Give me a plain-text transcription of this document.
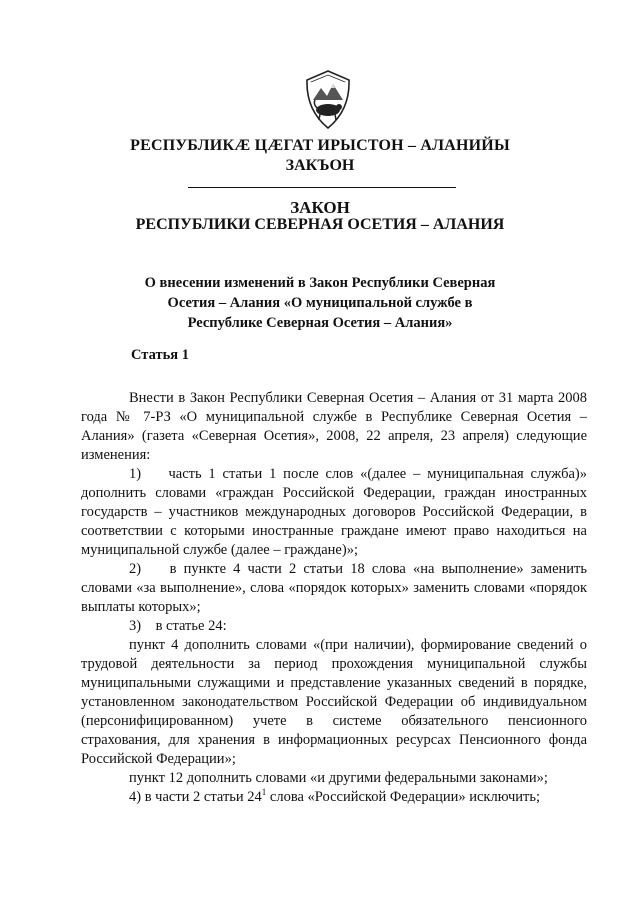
РЕСПУБЛИКӔ ЦӔГАТ ИРЫСТОН – АЛАНИЙЫ
ЗАКЪОН
ЗАКОН
РЕСПУБЛИКИ СЕВЕРНАЯ ОСЕТИЯ – АЛАНИЯ
О внесении изменений в Закон Республики Северная
Осетия – Алания «О муниципальной службе в
Республике Северная Осетия – Алания»
Статья 1

Внести в Закон Республики Северная Осетия – Алания от 31 марта 2008 года № 7-РЗ «О муниципальной службе в Республике Северная Осетия – Алания» (газета «Северная Осетия», 2008, 22 апреля, 23 апреля) следующие изменения:

1)    часть 1 статьи 1 после слов «(далее – муниципальная служба)» дополнить словами «граждан Российской Федерации, граждан иностранных государств – участников международных договоров Российской Федерации, в соответствии с которыми иностранные граждане имеют право находиться на муниципальной службе (далее – граждане)»;

2)    в пункте 4 части 2 статьи 18 слова «на выполнение» заменить словами «за выполнение», слова «порядок которых» заменить словами «порядок выплаты которых»;

3)    в статье 24:

пункт 4 дополнить словами «(при наличии), формирование сведений о трудовой деятельности за период прохождения муниципальной службы муниципальными служащими и представление указанных сведений в порядке, установленном законодательством Российской Федерации об индивидуальном (персонифицированном) учете в системе обязательного пенсионного страхования, для хранения в информационных ресурсах Пенсионного фонда Российской Федерации»;

пункт 12 дополнить словами «и другими федеральными законами»;

4) в части 2 статьи $24^1$ слова «Российской Федерации» исключить;
